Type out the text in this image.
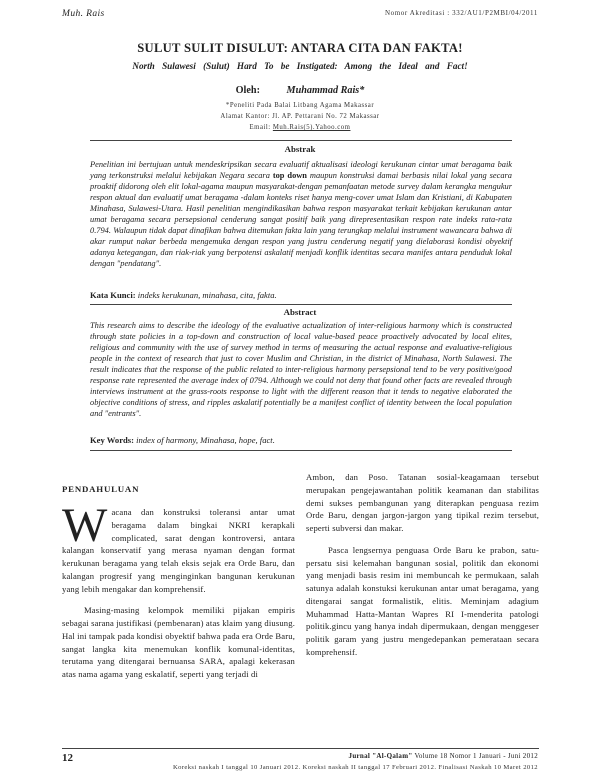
Muh. Rais	Nomor Akreditasi : 332/AU1/P2MBI/04/2011
SULUT SULIT DISULUT: ANTARA CITA DAN FAKTA!
North Sulawesi (Sulut) Hard To be Instigated: Among the Ideal and Fact!
Oleh:	Muhammad Rais*
*Peneliti Pada Balai Litbang Agama Makassar
Alamat Kantor: Jl. AP. Pettarani No. 72 Makassar
Email: Muh.Rais(5).Yahoo.com
Abstrak
Penelitian ini bertujuan untuk mendeskripsikan secara evaluatif aktualisasi ideologi kerukunan cintar umat beragama baik yang terkonstruksi melalui kebijakan Negara secara top down maupun konstruksi damai berbasis nilai lokal yang secara proaktif didorong oleh elit lokal-agama maupun masyarakat-dengan pemanfaatan metode survey dalam kerangka mengukur respon aktual dan evaluatif umat beragama -dalam konteks riset hanya meng-cover umat Islam dan Kristiani, di Kabupaten Minahasa, Sulawesi-Utara. Hasil penelitian mengindikasikan bahwa respon masyarakat terkait kebijakan kerukunan antar umat beragama secara persepsional cenderung sangat positif baik yang direpresentasikan respon rate indeks rata-rata 0.794. Walaupun tidak dapat dinafikan bahwa ditemukan fakta lain yang terungkap melalui instrument wawancara bahwa di akar rumput nakar berbeda mengemuka dengan respon yang justru cenderung negatif yang dielaborasi kondisi obyektif adanya ketegangan, dan riak-riak yang berpotensi askalatif menjadi konflik identitas secara manifes antara penduduk lokal dengan "pendatang".
Kata Kunci: indeks kerukunan, minahasa, cita, fakta.
Abstract
This research aims to describe the ideology of the evaluative actualization of inter-religious harmony which is constructed through state policies in a top-down and construction of local value-based peace proactively advocated by local elites, religious and community with the use of survey method in terms of measuring the actual response and evaluative-religious people in the context of research that just to cover Muslim and Christian, in the district of Minahasa, North Sulawesi. The result indicates that the response of the public related to inter-religious harmony persepsional tend to be very positive/good response rate represented the average index of 0794. Although we could not deny that found other facts are revealed through interviews instrument at the grass-roots response to light with the different reason that it tends to negative elaborated the objective conditions of stress, and ripples askalatif potentially be a manifest conflict of identity between the local population and "entrants".
Key Words: index of harmony, Minahasa, hope, fact.
PENDAHULUAN

Wacana dan konstruksi toleransi antar umat beragama dalam bingkai NKRI kerapkali complicated, sarat dengan kontroversi, antara kalangan konservatif yang merasa nyaman dengan format kerukunan beragama yang telah eksis sejak era Orde Baru, dan kalangan progresif yang menginginkan bangunan kerukunan yang lebih mengakar dan komprehensif.

Masing-masing kelompok memiliki pijakan empiris sebagai sarana justifikasi (pembenaran) atas klaim yang diusung. Hal ini tampak pada kondisi obyektif bahwa pada era Orde Baru, sangat langka kita menemukan konflik komunal-identitas, terutama yang ditengarai bernuansa SARA, apalagi kekerasan atas nama agama yang eskalatif, seperti yang terjadi di

Ambon, dan Poso. Tatanan sosial-keagamaan tersebut merupakan pengejawantahan politik keamanan dan stabilitas demi sukses pembangunan yang diterapkan penguasa rezim Orde Baru, dengan jargon-jargon yang tipikal rezim tersebut, seperti subversi dan makar.

Pasca lengsernya penguasa Orde Baru ke prabon, satu-persatu sisi kelemahan bangunan sosial, politik dan ekonomi yang menjadi basis resim ini membuncah ke permukaan, salah satunya adalah konstuksi kerukunan antar umat beragama, yang ditengarai sangat formalistik, elitis. Meminjam adagium Muhammad Hatta-Mantan Wapres RI I-menderita patologi politik.gincu yang hanya indah dipermukaan, dengan menggeser politik garam yang justru mengedepankan pemerataan secara komprehensif.

12	Jurnal "Al-Qalam" Volume 18 Nomor 1 Januari - Juni 2012
Koreksi naskah I tanggal 10 Januari 2012. Koreksi naskah II tanggal 17 Februari 2012. Finalisasi Naskah 10 Maret 2012
